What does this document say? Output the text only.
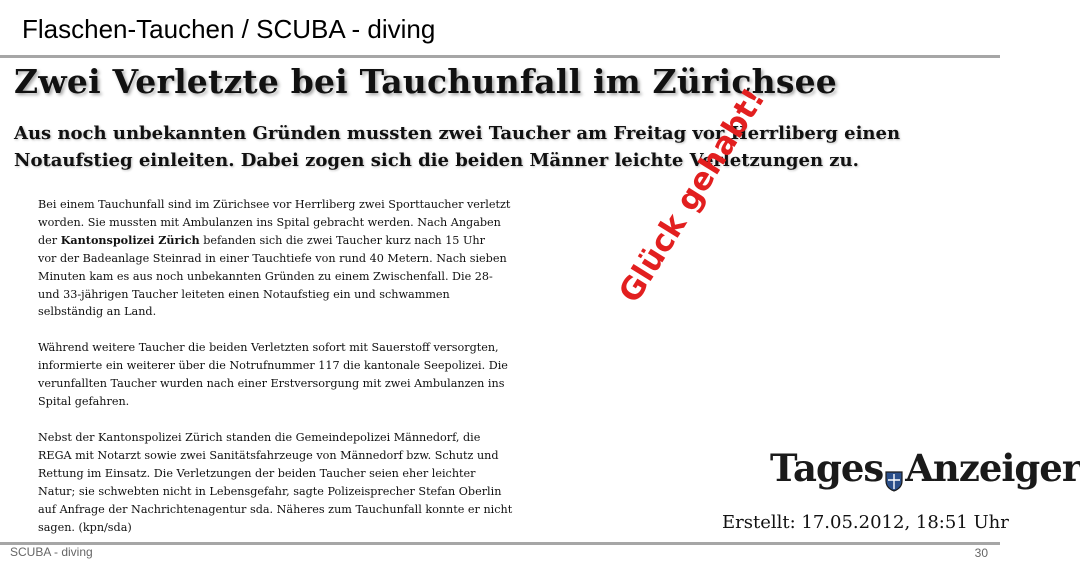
Flaschen-Tauchen / SCUBA - diving
Zwei Verletzte bei Tauchunfall im Zürichsee
Aus noch unbekannten Gründen mussten zwei Taucher am Freitag vor Herrliberg einen Notaufstieg einleiten. Dabei zogen sich die beiden Männer leichte Verletzungen zu.

Bei einem Tauchunfall sind im Zürichsee vor Herrliberg zwei Sporttaucher verletzt
worden. Sie mussten mit Ambulanzen ins Spital gebracht werden. Nach Angaben
der Kantonspolizei Zürich befanden sich die zwei Taucher kurz nach 15 Uhr
vor der Badeanlage Steinrad in einer Tauchtiefe von rund 40 Metern. Nach sieben
Minuten kam es aus noch unbekannten Gründen zu einem Zwischenfall. Die 28-
und 33-jährigen Taucher leiteten einen Notaufstieg ein und schwammen
selbständig an Land.

Während weitere Taucher die beiden Verletzten sofort mit Sauerstoff versorgten,
informierte ein weiterer über die Notrufnummer 117 die kantonale Seepolizei. Die
verunfallten Taucher wurden nach einer Erstversorgung mit zwei Ambulanzen ins
Spital gefahren.

Nebst der Kantonspolizei Zürich standen die Gemeindepolizei Männedorf, die
REGA mit Notarzt sowie zwei Sanitätsfahrzeuge von Männedorf bzw. Schutz und
Rettung im Einsatz. Die Verletzungen der beiden Taucher seien eher leichter
Natur; sie schwebten nicht in Lebensgefahr, sagte Polizeisprecher Stefan Oberlin
auf Anfrage der Nachrichtenagentur sda. Näheres zum Tauchunfall konnte er nicht
sagen. (kpn/sda)

Glück gehabt!
Tages Anzeiger
Erstellt: 17.05.2012, 18:51 Uhr
SCUBA - diving	30
